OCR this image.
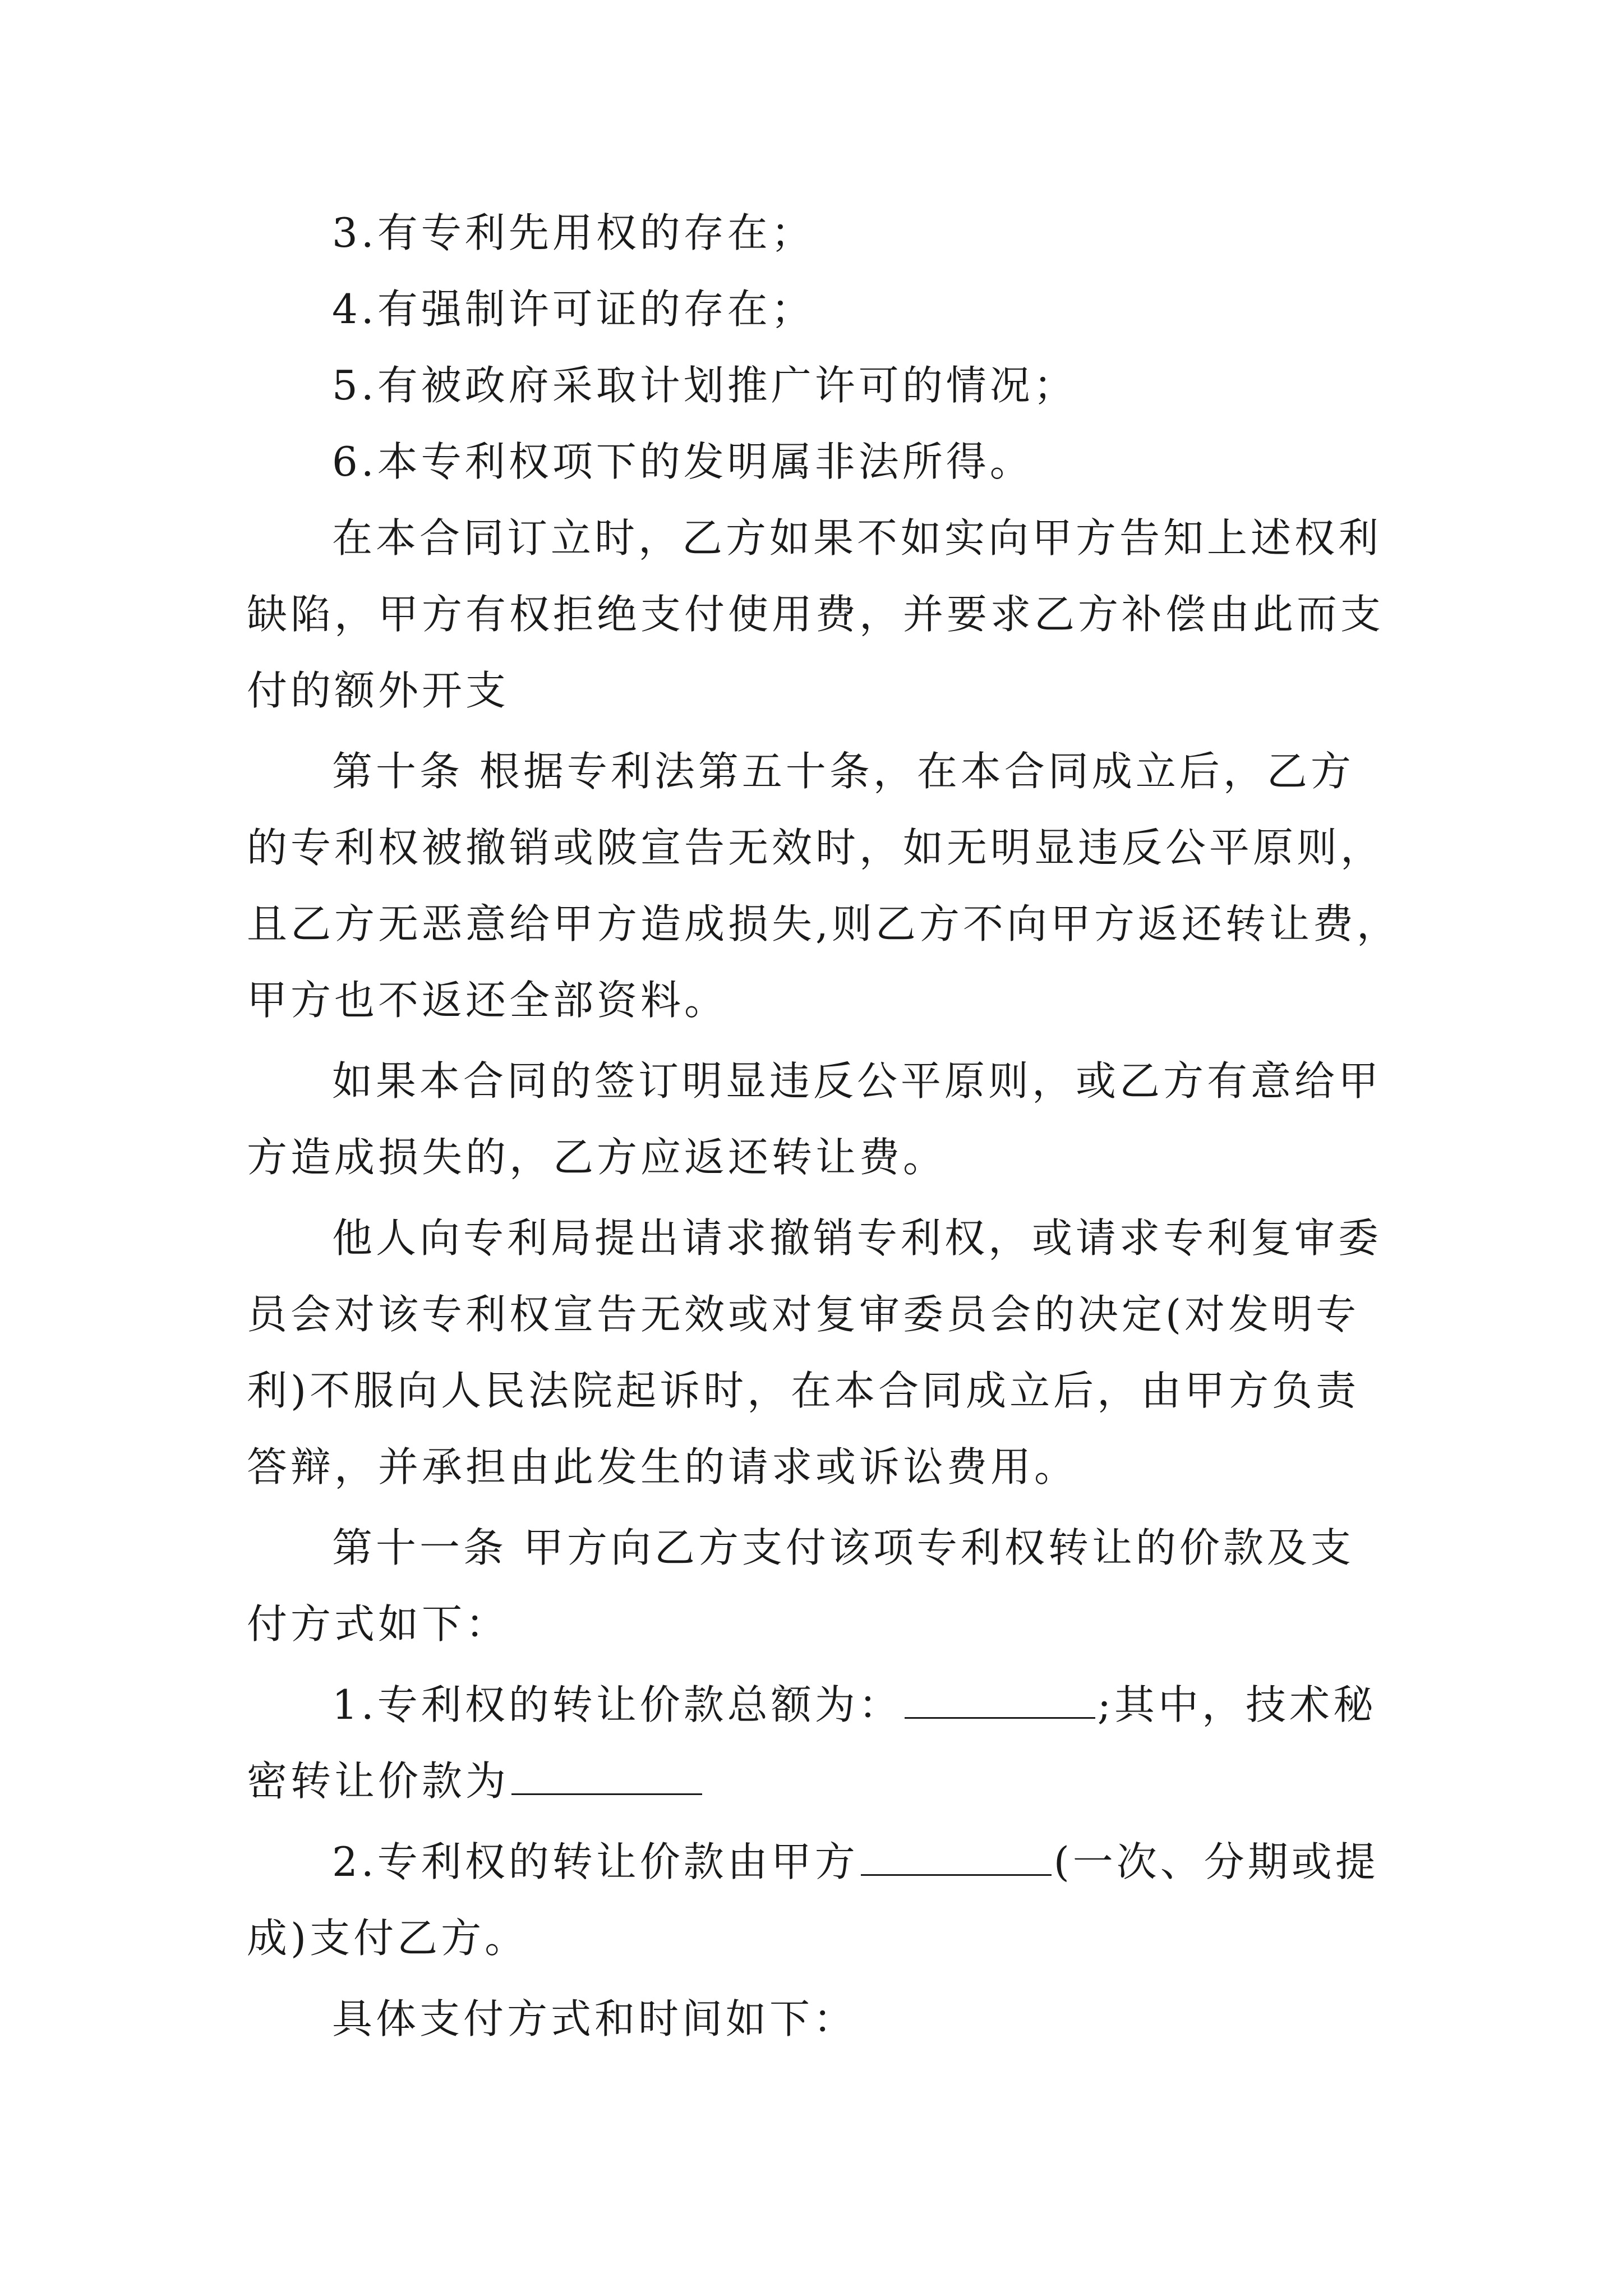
3.有专利先用权的存在；
4.有强制许可证的存在；
5.有被政府采取计划推广许可的情况；
6.本专利权项下的发明属非法所得。
在本合同订立时，乙方如果不如实向甲方告知上述权利
缺陷，甲方有权拒绝支付使用费，并要求乙方补偿由此而支
付的额外开支
第十条 根据专利法第五十条，在本合同成立后，乙方
的专利权被撤销或陂宣告无效时，如无明显违反公平原则，
且乙方无恶意给甲方造成损失,则乙方不向甲方返还转让费，
甲方也不返还全部资料。
如果本合同的签订明显违反公平原则，或乙方有意给甲
方造成损失的，乙方应返还转让费。
他人向专利局提出请求撤销专利权，或请求专利复审委
员会对该专利权宣告无效或对复审委员会的决定(对发明专
利)不服向人民法院起诉时，在本合同成立后，由甲方负责
答辩，并承担由此发生的请求或诉讼费用。
第十一条 甲方向乙方支付该项专利权转让的价款及支
付方式如下：
1.专利权的转让价款总额为：	;其中，技术秘
密转让价款为
2.专利权的转让价款由甲方	(一次、分期或提
成)支付乙方。
具体支付方式和时间如下：
